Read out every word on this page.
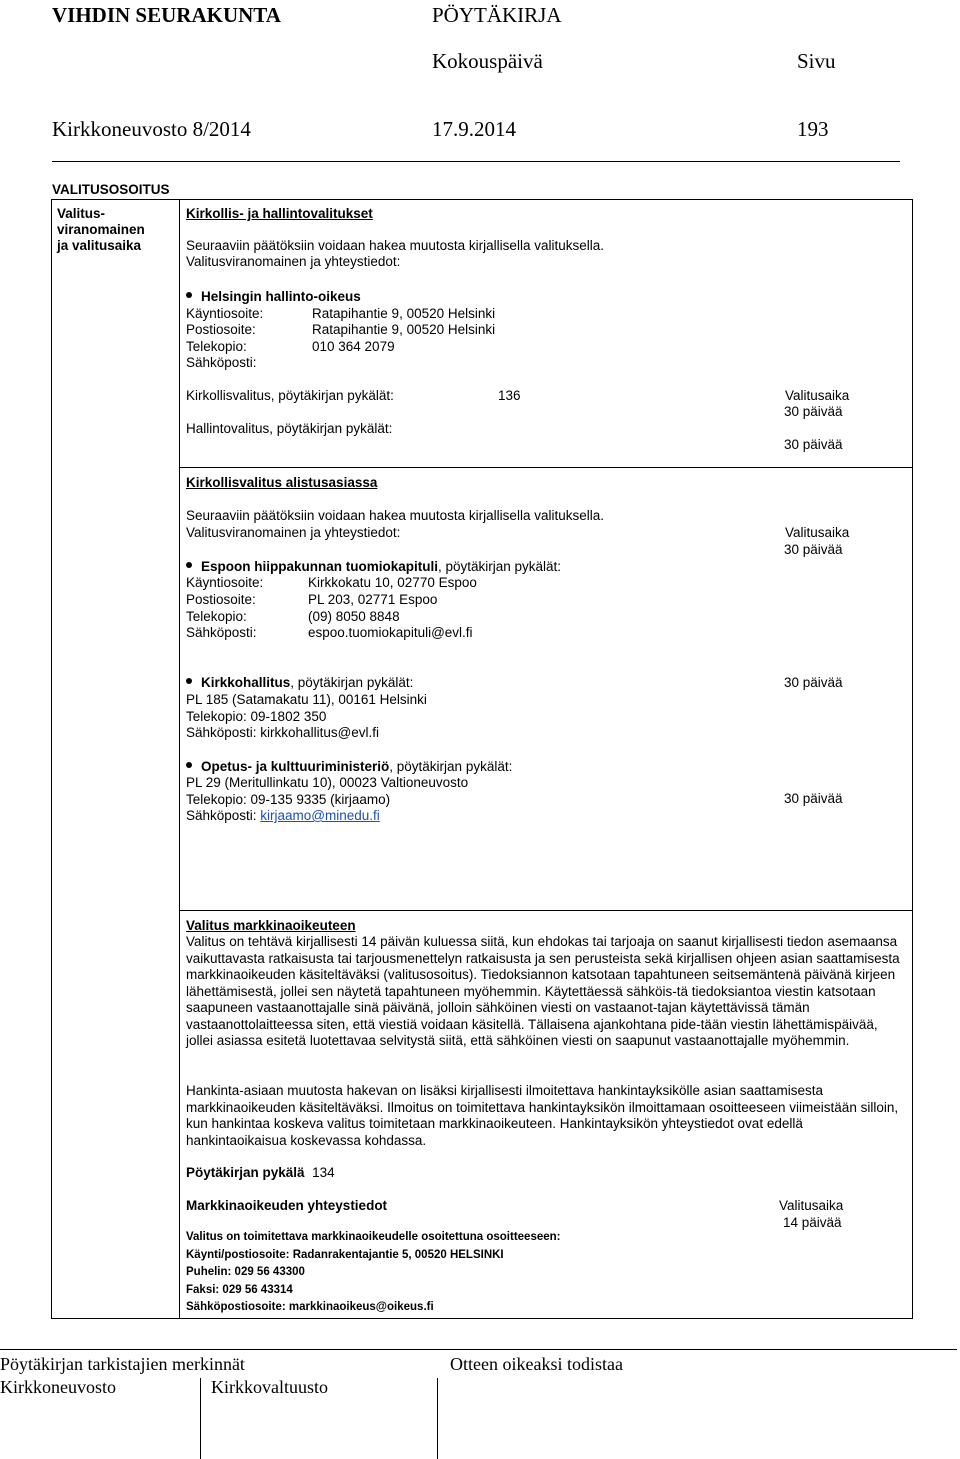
VIHDIN SEURAKUNTA	PÖYTÄKIRJA
Kokouspäivä	Sivu
Kirkkoneuvosto 8/2014	17.9.2014	193
VALITUSOSOITUS
Valitus-
viranomainen
ja valitusaika
Kirkollis- ja hallintovalitukset
Seuraaviin päätöksiin voidaan hakea muutosta kirjallisella valituksella.
Valitusviranomainen ja yhteystiedot:
Helsingin hallinto-oikeus
Käyntiosoite:	Ratapihantie 9, 00520 Helsinki
Postiosoite:	Ratapihantie 9, 00520 Helsinki
Telekopio:	010 364 2079
Sähköposti:
Kirkollisvalitus, pöytäkirjan pykälät:	136	Valitusaika
30 päivää
Hallintovalitus, pöytäkirjan pykälät:
30 päivää
Kirkollisvalitus alistusasiassa
Seuraaviin päätöksiin voidaan hakea muutosta kirjallisella valituksella.
Valitusviranomainen ja yhteystiedot:	Valitusaika
30 päivää
Espoon hiippakunnan tuomiokapituli, pöytäkirjan pykälät:
Käyntiosoite:	Kirkkokatu 10, 02770 Espoo
Postiosoite:	PL 203, 02771 Espoo
Telekopio:	(09) 8050 8848
Sähköposti:	espoo.tuomiokapituli@evl.fi
Kirkkohallitus, pöytäkirjan pykälät:	30 päivää
PL 185 (Satamakatu 11), 00161 Helsinki
Telekopio: 09-1802 350
Sähköposti: kirkkohallitus@evl.fi
Opetus- ja kulttuuriministeriö, pöytäkirjan pykälät:
PL 29 (Meritullinkatu 10), 00023 Valtioneuvosto
Telekopio: 09-135 9335 (kirjaamo)	30 päivää
Sähköposti: kirjaamo@minedu.fi
Valitus markkinaoikeuteen

Valitus on tehtävä kirjallisesti 14 päivän kuluessa siitä, kun ehdokas tai tarjoaja on saanut kirjallisesti tiedon asemaansa vaikuttavasta ratkaisusta tai tarjousmenettelyn ratkaisusta ja sen perusteista sekä kirjallisen ohjeen asian saattamisesta markkinaoikeuden käsiteltäväksi (valitusosoitus). Tiedoksiannon katsotaan tapahtuneen seitsemäntenä päivänä kirjeen lähettämisestä, jollei sen näytetä tapahtuneen myöhemmin. Käytettäessä sähköis-tä tiedoksiantoa viestin katsotaan saapuneen vastaanottajalle sinä päivänä, jolloin sähköinen viesti on vastaanot-tajan käytettävissä tämän vastaanottolaitteessa siten, että viestiä voidaan käsitellä. Tällaisena ajankohtana pide-tään viestin lähettämispäivää, jollei asiassa esitetä luotettavaa selvitystä siitä, että sähköinen viesti on saapunut vastaanottajalle myöhemmin.

Hankinta-asiaan muutosta hakevan on lisäksi kirjallisesti ilmoitettava hankintayksikölle asian saattamisesta markkinaoikeuden käsiteltäväksi. Ilmoitus on toimitettava hankintayksikön ilmoittamaan osoitteeseen viimeistään silloin, kun hankintaa koskeva valitus toimitetaan markkinaoikeuteen. Hankintayksikön yhteystiedot ovat edellä hankintaoikaisua koskevassa kohdassa.

Pöytäkirjan pykälä 134
Markkinaoikeuden yhteystiedot	Valitusaika
14 päivää
Valitus on toimitettava markkinaoikeudelle osoitettuna osoitteeseen:
Käynti/postiosoite: Radanrakentajantie 5, 00520 HELSINKI
Puhelin: 029 56 43300
Faksi: 029 56 43314
Sähköpostiosoite: markkinaoikeus@oikeus.fi
Pöytäkirjan tarkistajien merkinnät	Otteen oikeaksi todistaa
Kirkkoneuvosto	Kirkkovaltuusto
